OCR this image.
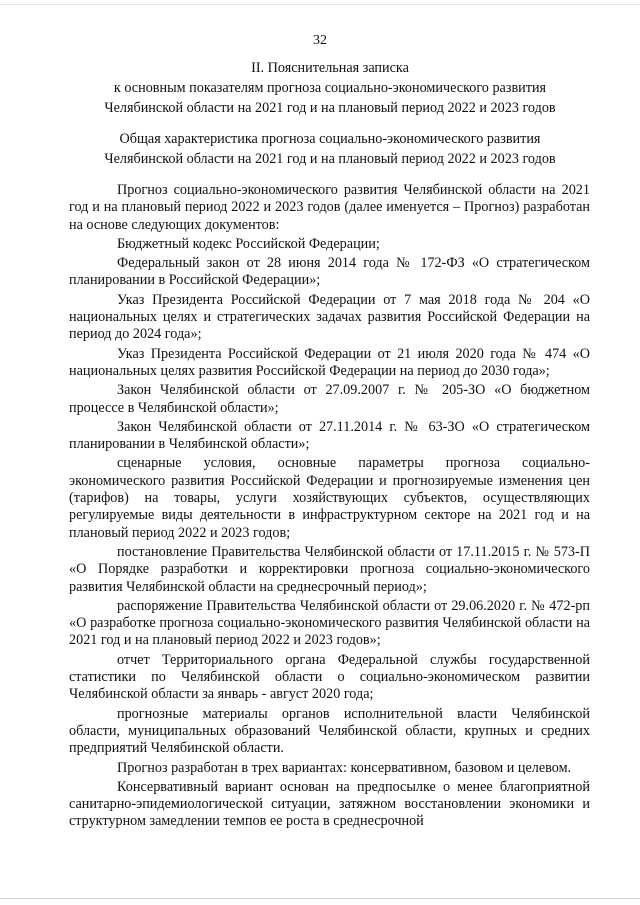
32
II. Пояснительная записка
к основным показателям прогноза социально-экономического развития
Челябинской области на 2021 год и на плановый период 2022 и 2023 годов
Общая характеристика прогноза социально-экономического развития
Челябинской области на 2021 год и на плановый период 2022 и 2023 годов

Прогноз социально-экономического развития Челябинской области на 2021 год и на плановый период 2022 и 2023 годов (далее именуется – Прогноз) разработан на основе следующих документов:

Бюджетный кодекс Российской Федерации;

Федеральный закон от 28 июня 2014 года № 172-ФЗ «О стратегическом планировании в Российской Федерации»;

Указ Президента Российской Федерации от 7 мая 2018 года № 204 «О национальных целях и стратегических задачах развития Российской Федерации на период до 2024 года»;

Указ Президента Российской Федерации от 21 июля 2020 года № 474 «О национальных целях развития Российской Федерации на период до 2030 года»;

Закон Челябинской области от 27.09.2007 г. № 205-ЗО «О бюджетном процессе в Челябинской области»;

Закон Челябинской области от 27.11.2014 г. № 63-ЗО «О стратегическом планировании в Челябинской области»;

сценарные условия, основные параметры прогноза социально-экономического развития Российской Федерации и прогнозируемые изменения цен (тарифов) на товары, услуги хозяйствующих субъектов, осуществляющих регулируемые виды деятельности в инфраструктурном секторе на 2021 год и на плановый период 2022 и 2023 годов;

постановление Правительства Челябинской области от 17.11.2015 г. № 573-П «О Порядке разработки и корректировки прогноза социально-экономического развития Челябинской области на среднесрочный период»;

распоряжение Правительства Челябинской области от 29.06.2020 г. № 472-рп «О разработке прогноза социально-экономического развития Челябинской области на 2021 год и на плановый период 2022 и 2023 годов»;

отчет Территориального органа Федеральной службы государственной статистики по Челябинской области о социально-экономическом развитии Челябинской области за январь - август 2020 года;

прогнозные материалы органов исполнительной власти Челябинской области, муниципальных образований Челябинской области, крупных и средних предприятий Челябинской области.

Прогноз разработан в трех вариантах: консервативном, базовом и целевом.

Консервативный вариант основан на предпосылке о менее благоприятной санитарно-эпидемиологической ситуации, затяжном восстановлении экономики и структурном замедлении темпов ее роста в среднесрочной
